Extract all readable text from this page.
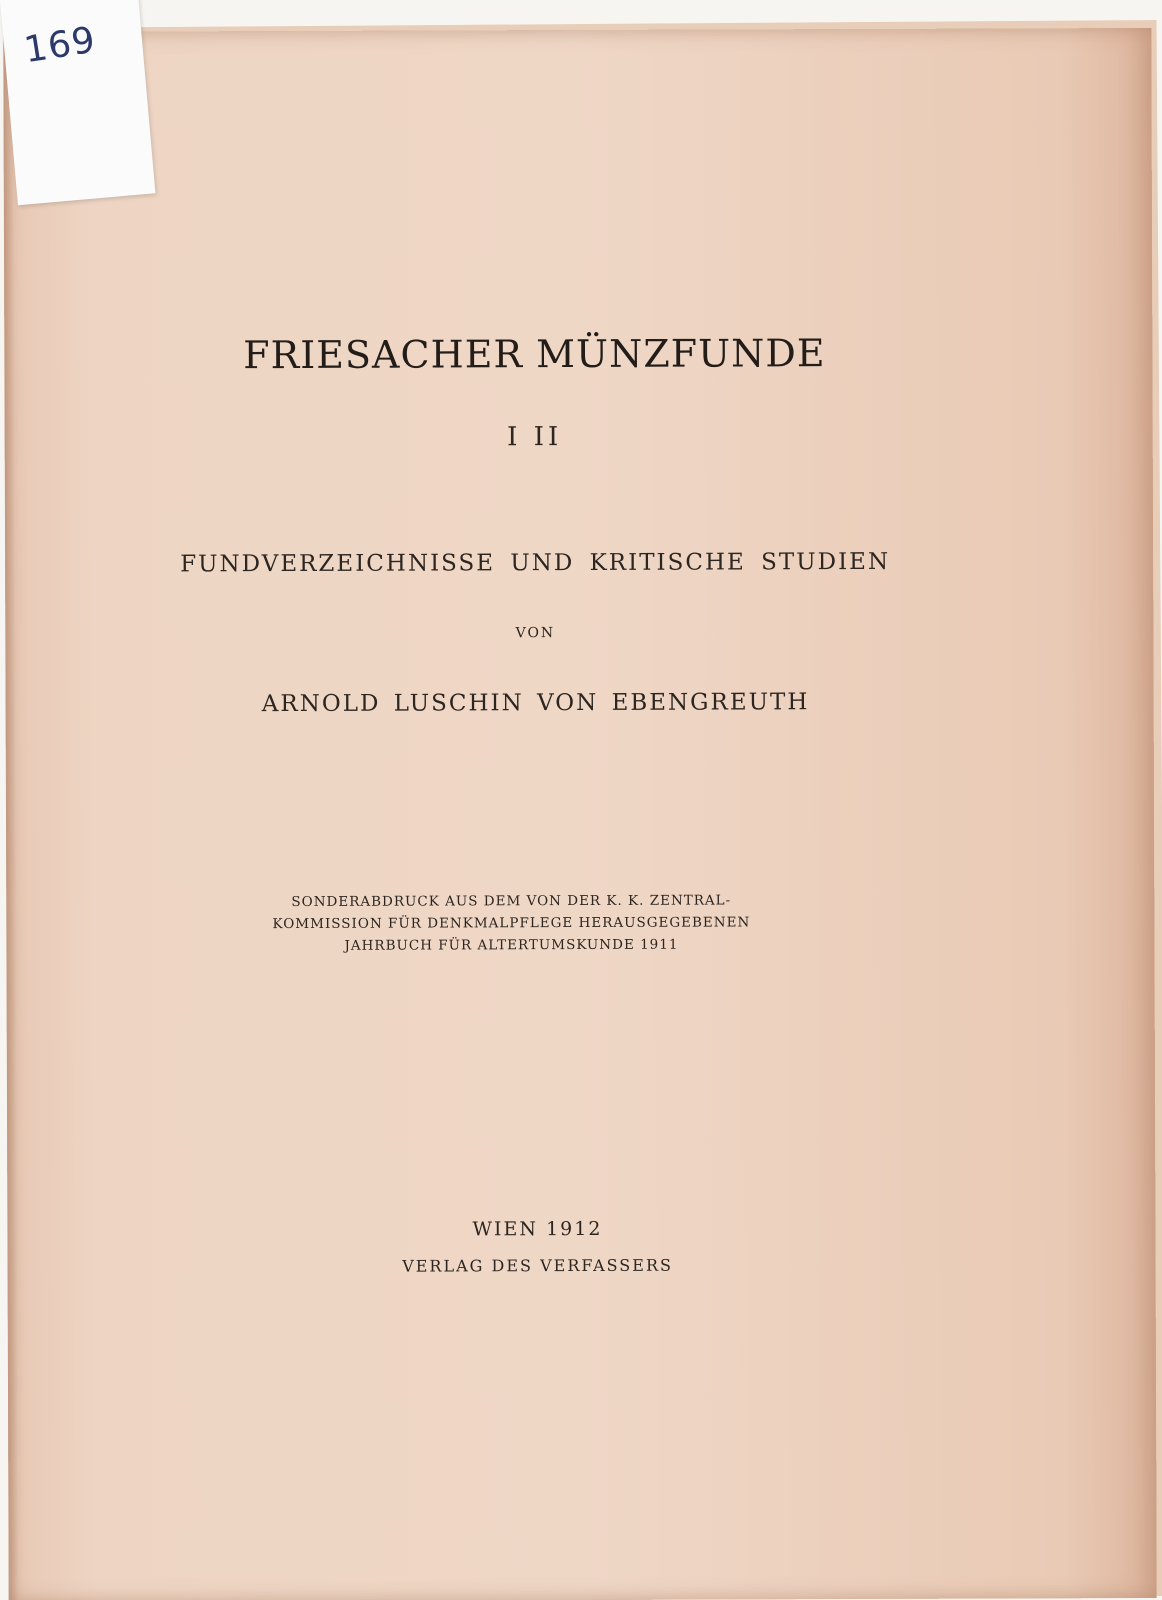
169
FRIESACHER MÜNZFUNDE
I II
FUNDVERZEICHNISSE UND KRITISCHE STUDIEN
VON
ARNOLD LUSCHIN VON EBENGREUTH
SONDERABDRUCK AUS DEM VON DER K. K. ZENTRAL-
KOMMISSION FÜR DENKMALPFLEGE HERAUSGEGEBENEN
JAHRBUCH FÜR ALTERTUMSKUNDE 1911
WIEN 1912
VERLAG DES VERFASSERS
